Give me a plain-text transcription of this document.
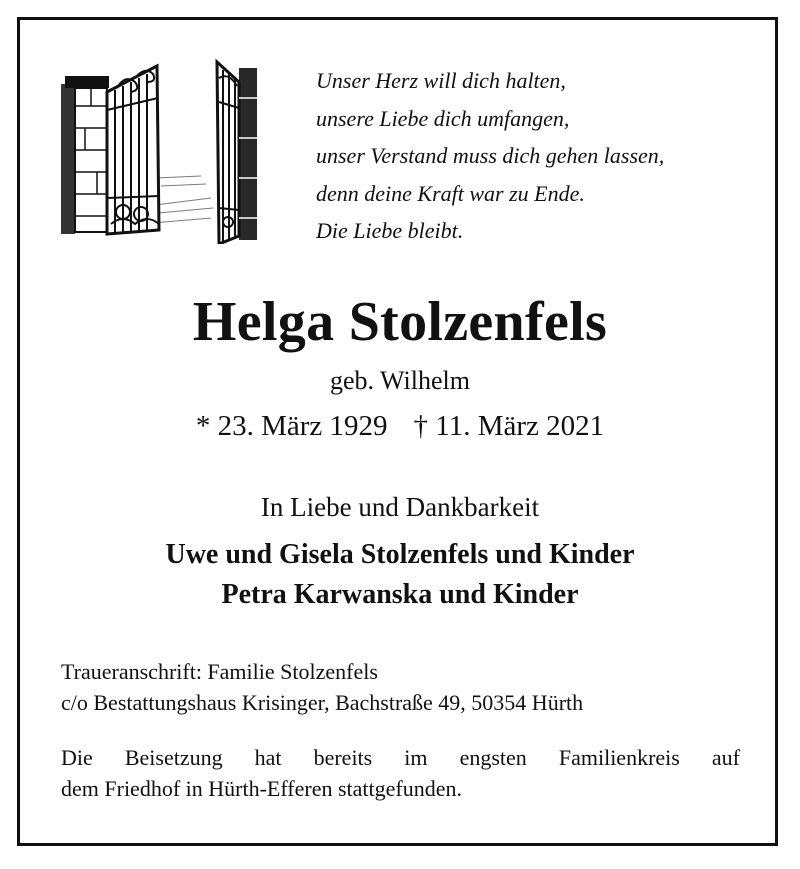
Unser Herz will dich halten,
unsere Liebe dich umfangen,
unser Verstand muss dich gehen lassen,
denn deine Kraft war zu Ende.
Die Liebe bleibt.
Helga Stolzenfels
geb. Wilhelm
* 23. März 1929 † 11. März 2021
In Liebe und Dankbarkeit
Uwe und Gisela Stolzenfels und Kinder
Petra Karwanska und Kinder
Traueranschrift: Familie Stolzenfels
c/o Bestattungshaus Krisinger, Bachstraße 49, 50354 Hürth
Die Beisetzung hat bereits im engsten Familienkreis auf
dem Friedhof in Hürth-Efferen stattgefunden.
